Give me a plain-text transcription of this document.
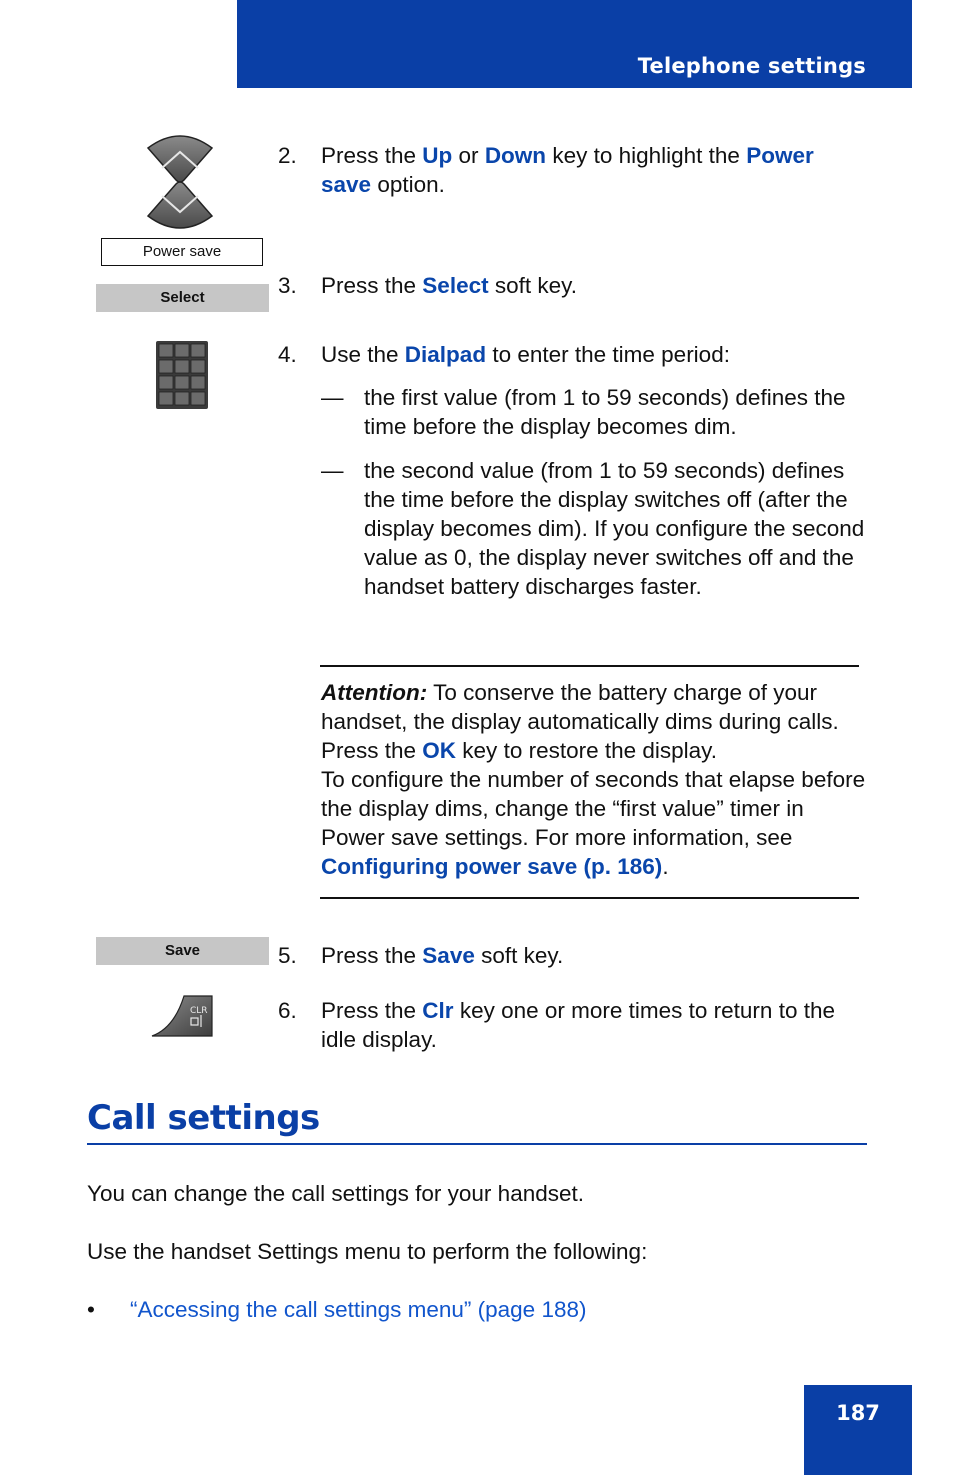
Telephone settings
Power save
Select
Save
CLR
2. Press the Up or Down key to highlight the Power save option.
3. Press the Select soft key.
4. Use the Dialpad to enter the time period:
— the first value (from 1 to 59 seconds) defines the time before the display becomes dim.
— the second value (from 1 to 59 seconds) defines the time before the display switches off (after the display becomes dim). If you configure the second value as 0, the display never switches off and the handset battery discharges faster.
Attention: To conserve the battery charge of your handset, the display automatically dims during calls. Press the OK key to restore the display.
To configure the number of seconds that elapse before the display dims, change the “first value” timer in Power save settings. For more information, see Configuring power save (p. 186).
5. Press the Save soft key.
6. Press the Clr key one or more times to return to the idle display.
Call settings
You can change the call settings for your handset.
Use the handset Settings menu to perform the following:
• “Accessing the call settings menu” (page 188)
187
